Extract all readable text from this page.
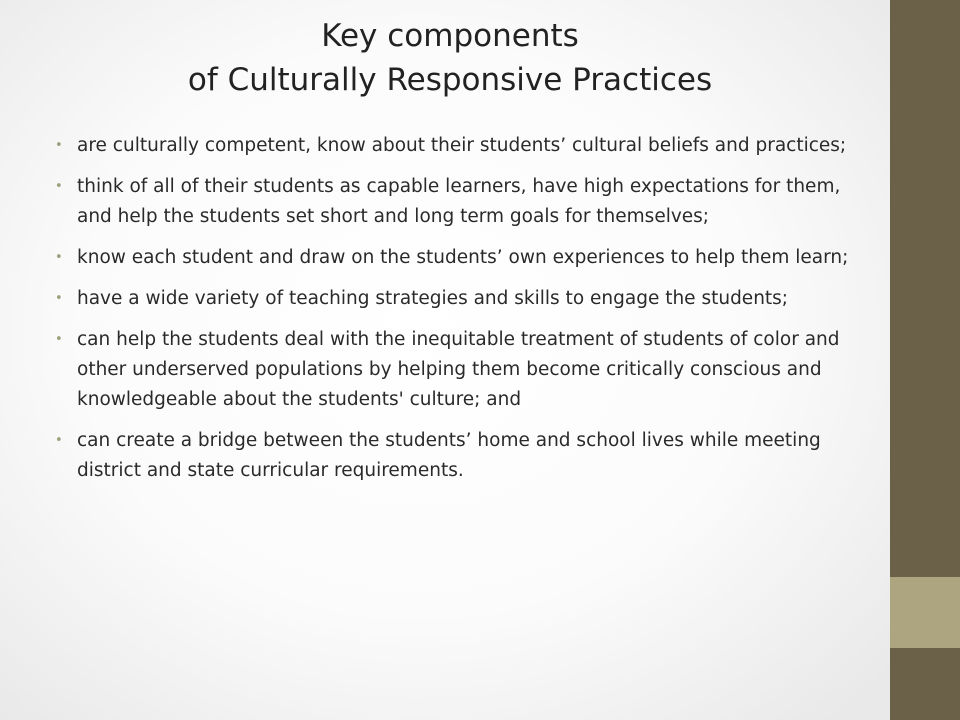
Key components
of Culturally Responsive Practices
• are culturally competent, know about their students’ cultural beliefs and practices;
• think of all of their students as capable learners, have high expectations for them, and help the students set short and long term goals for themselves;
• know each student and draw on the students’ own experiences to help them learn;
• have a wide variety of teaching strategies and skills to engage the students;
• can help the students deal with the inequitable treatment of students of color and other underserved populations by helping them become critically conscious and knowledgeable about the students' culture; and
• can create a bridge between the students’ home and school lives while meeting district and state curricular requirements.
